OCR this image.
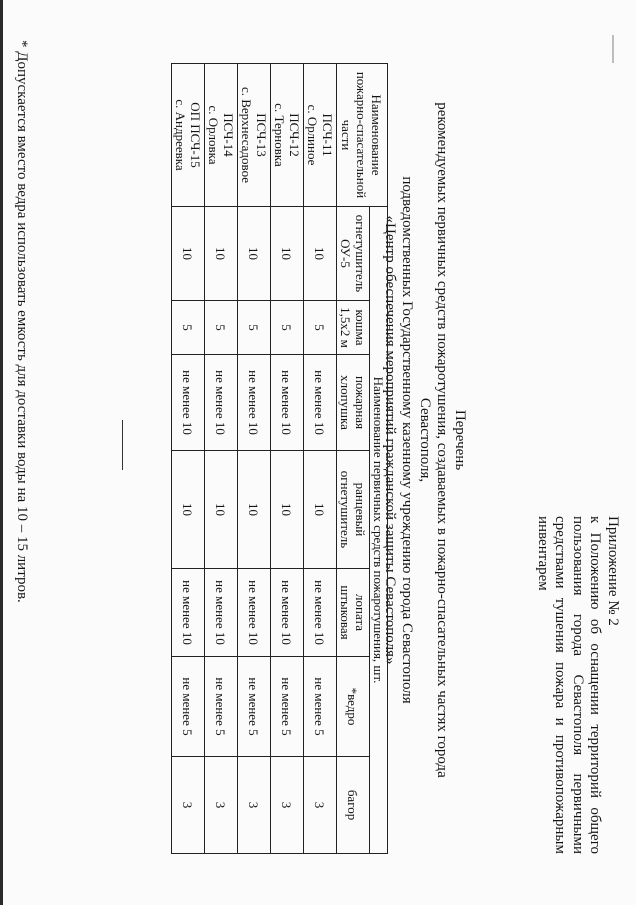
Приложение № 2
к Положению об оснащении территорий общего пользования города Севастополя первичными средствами тушения пожара и противопожарным инвентарем
Перечень
рекомендуемых первичных средств пожаротушения, создаваемых в пожарно-спасательных частях города Севастополя,
подведомственных Государственному казенному учреждению города Севастополя
«Центр обеспечения мероприятий гражданской защиты Севастополя»
Наименование пожарно-спасательной части	Наименование первичных средств пожаротушения, шт.						
	огнетушитель ОУ-5	кошма 1,5х2 м	пожарная хлопушка	ранцевый огнетушитель	лопата штыковая	*ведро	багор

ПСЧ-11
с. Орлиное	10	5	не менее 10	10	не менее 10	не менее 5	3

ПСЧ-12
с. Терновка	10	5	не менее 10	10	не менее 10	не менее 5	3

ПСЧ-13
с. Верхнесадовое	10	5	не менее 10	10	не менее 10	не менее 5	3

ПСЧ-14
с. Орловка	10	5	не менее 10	10	не менее 10	не менее 5	3

ОП ПСЧ-15
с. Андреевка	10	5	не менее 10	10	не менее 10	не менее 5	3
* Допускается вместо ведра использовать емкость для доставки воды на 10 – 15 литров.
